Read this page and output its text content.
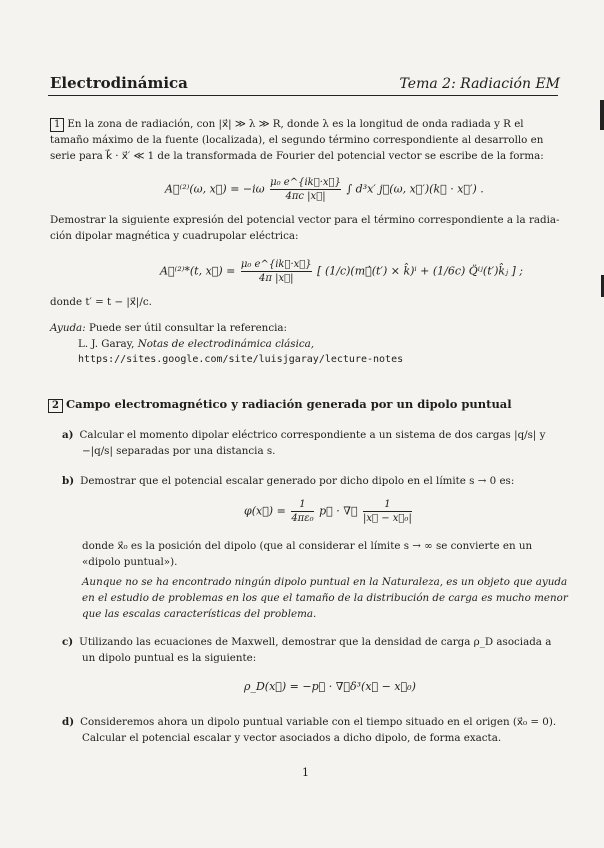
Electrodinámica	Tema 2: Radiación EM
1 En la zona de radiación, con |x⃗| ≫ λ ≫ R, donde λ es la longitud de onda radiada y R el
tamaño máximo de la fuente (localizada), el segundo término correspondiente al desarrollo en
serie para k⃗ · x⃗′ ≪ 1 de la transformada de Fourier del potencial vector se escribe de la forma:
A⃗⁽²⁾(ω, x⃗) = $-i\omega \frac{\text{μ₀ e\textasciicircum{}\{ik⃗·x⃗\}}}{4\pi c |x⃗|}$ ∫ d³x′ j⃗(ω, x⃗′)(k⃗ · x⃗′) .
Demostrar la siguiente expresión del potencial vector para el término correspondiente a la radia-
ción dipolar magnética y cuadrupolar eléctrica:
A⃗⁽²⁾*(t, x⃗) = $\frac{\text{μ₀ e\textasciicircum{}\{ik⃗·x⃗\}}}{4\pi |x⃗|}$ [ (1/c)(m⃗̇(t′) × k̂)ⁱ + (1/6c) Q̈ⁱʲ(t′)k̂ⱼ ] ;
donde t′ = t − |x⃗|/c.
Ayuda: Puede ser útil consultar la referencia:
L. J. Garay, Notas de electrodinámica clásica,
https://sites.google.com/site/luisjgaray/lecture-notes
2 Campo electromagnético y radiación generada por un dipolo puntual
a) Calcular el momento dipolar eléctrico correspondiente a un sistema de dos cargas |q/s| y
−|q/s| separadas por una distancia s.
b) Demostrar que el potencial escalar generado por dicho dipolo en el límite s → 0 es:
φ(x⃗) = $\frac{1}{\text{4πε₀}}$ p⃗ · ∇⃗ $\frac{1}{\text{|x⃗ − x⃗₀|}}$
donde x⃗₀ es la posición del dipolo (que al considerar el límite s → ∞ se convierte en un
«dipolo puntual»).
Aunque no se ha encontrado ningún dipolo puntual en la Naturaleza, es un objeto que ayuda
en el estudio de problemas en los que el tamaño de la distribución de carga es mucho menor
que las escalas características del problema.
c) Utilizando las ecuaciones de Maxwell, demostrar que la densidad de carga ρ_D asociada a
un dipolo puntual es la siguiente:
ρ_D(x⃗) = −p⃗ · ∇⃗δ³(x⃗ − x⃗₀)
d) Consideremos ahora un dipolo puntual variable con el tiempo situado en el origen (x⃗₀ = 0).
Calcular el potencial escalar y vector asociados a dicho dipolo, de forma exacta.
1
